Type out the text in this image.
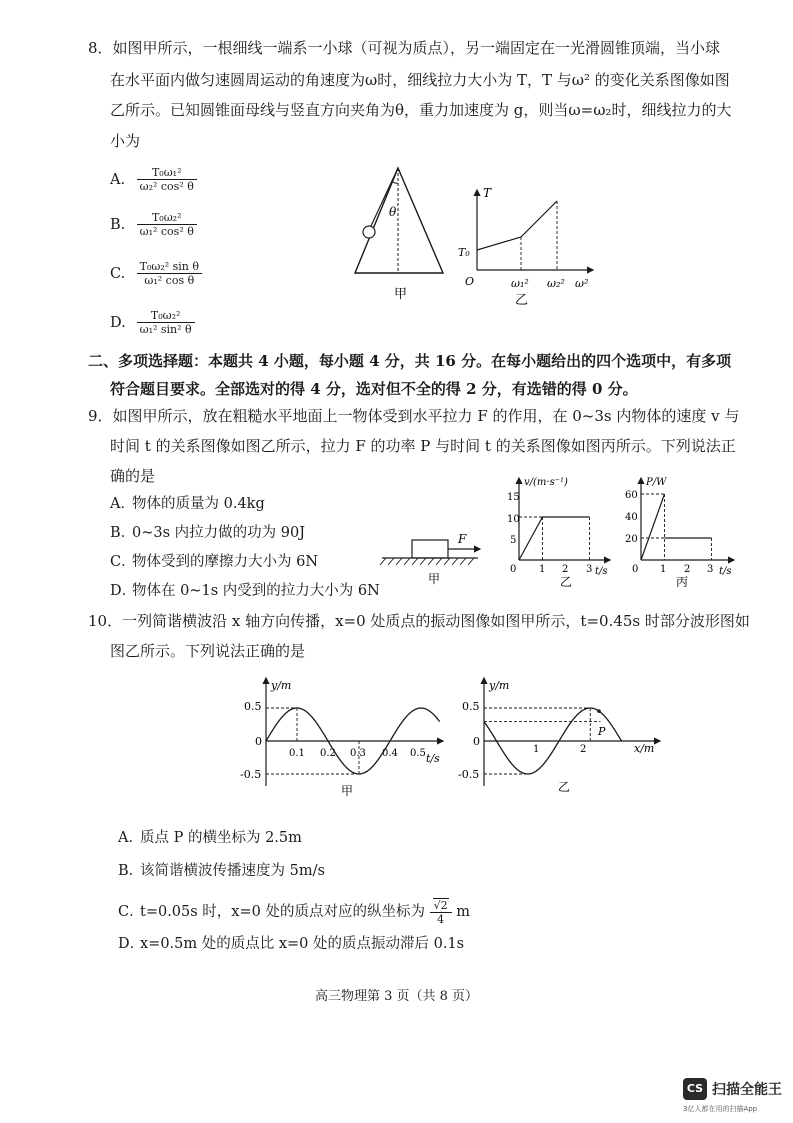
8．如图甲所示，一根细线一端系一小球（可视为质点），另一端固定在一光滑圆锥顶端，当小球
在水平面内做匀速圆周运动的角速度为ω时，细线拉力大小为 T，T 与ω² 的变化关系图像如图
乙所示。已知圆锥面母线与竖直方向夹角为θ，重力加速度为 g，则当ω=ω₂时，细线拉力的大
小为
A. $\frac{\text{T₀ω₁²}}{\text{ω₂² cos² θ}}$
B. $\frac{\text{T₀ω₂²}}{\text{ω₁² cos² θ}}$
C. $\frac{\text{T₀ω₂² sin θ}}{\text{ω₁² cos θ}}$
D. $\frac{\text{T₀ω₂²}}{\text{ω₁² sin² θ}}$
θ
甲
T
T₀
O	ω₁² ω₂² ω²
乙
二、多项选择题：本题共 4 小题，每小题 4 分，共 16 分。在每小题给出的四个选项中，有多项
符合题目要求。全部选对的得 4 分，选对但不全的得 2 分，有选错的得 0 分。
9．如图甲所示，放在粗糙水平地面上一物体受到水平拉力 F 的作用，在 0~3s 内物体的速度 v 与
时间 t 的关系图像如图乙所示，拉力 F 的功率 P 与时间 t 的关系图像如图丙所示。下列说法正
确的是
A．物体的质量为 0.4kg
B．0~3s 内拉力做的功为 90J
C．物体受到的摩擦力大小为 6N
D．物体在 0~1s 内受到的拉力大小为 6N
F
甲
v/(m·s⁻¹)
t/s
0
15
10
5
1 2 3
乙
P/W
t/s
0
60
40
20
1 2 3
丙
10．一列简谐横波沿 x 轴方向传播，x=0 处质点的振动图像如图甲所示，t=0.45s 时部分波形图如
图乙所示。下列说法正确的是
y/m
t/s
0.5
-0.5
0
0.1 0.2 0.3 0.4 0.5
甲
y/m
x/m
0.5
-0.5
0
1	2
P
乙
A．质点 P 的横坐标为 2.5m
B．该简谐横波传播速度为 5m/s
C．t=0.05s 时，x=0 处的质点对应的纵坐标为 $\frac{√2}{4}$ m
D．x=0.5m 处的质点比 x=0 处的质点振动滞后 0.1s
高三物理第 3 页（共 8 页）
CS 扫描全能王
3亿人都在用的扫描App
